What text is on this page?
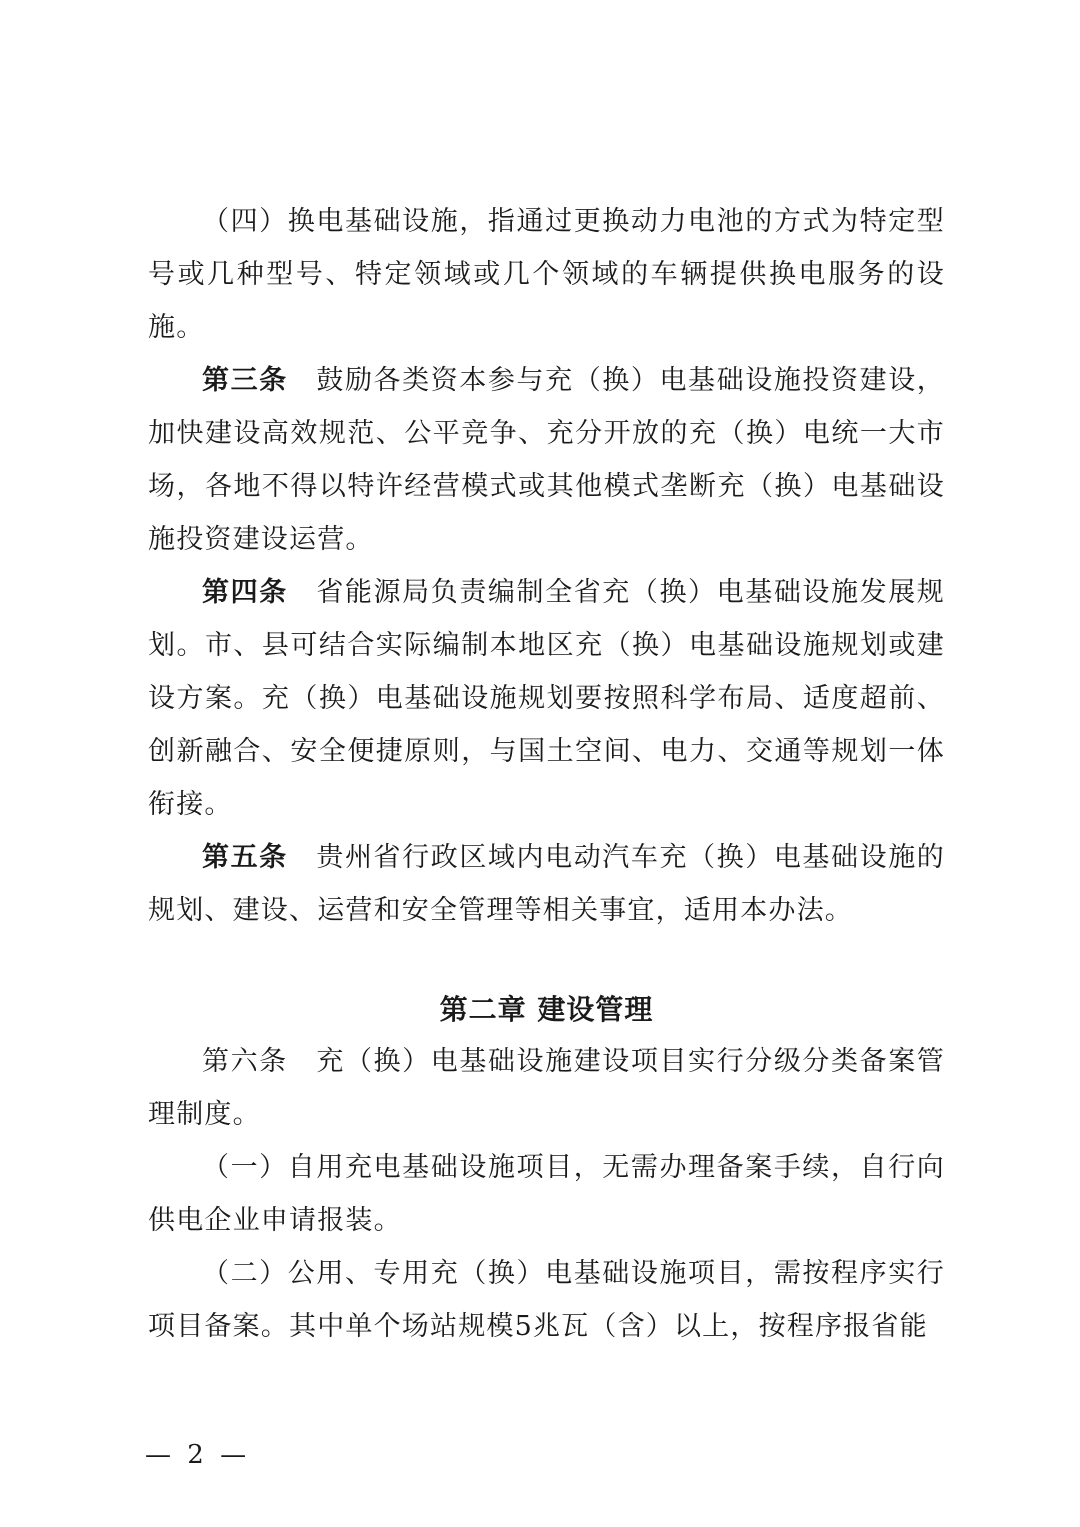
（四）换电基础设施，指通过更换动力电池的方式为特定型号或几种型号、特定领域或几个领域的车辆提供换电服务的设施。

第三条　 鼓励各类资本参与充（换）电基础设施投资建设，加快建设高效规范、公平竞争、充分开放的充（换）电统一大市场，各地不得以特许经营模式或其他模式垄断充（换）电基础设施投资建设运营。

第四条　 省能源局负责编制全省充（换）电基础设施发展规划。市、县可结合实际编制本地区充（换）电基础设施规划或建设方案。充（换）电基础设施规划要按照科学布局、适度超前、创新融合、安全便捷原则，与国土空间、电力、交通等规划一体衔接。

第五条　 贵州省行政区域内电动汽车充（换）电基础设施的规划、建设、运营和安全管理等相关事宜，适用本办法。

第二章 建设管理

第六条　 充（换）电基础设施建设项目实行分级分类备案管理制度。

（一）自用充电基础设施项目，无需办理备案手续，自行向供电企业申请报装。

（二）公用、专用充（换）电基础设施项目，需按程序实行项目备案。其中单个场站规模5兆瓦（含）以上，按程序报省能

— 2 —
